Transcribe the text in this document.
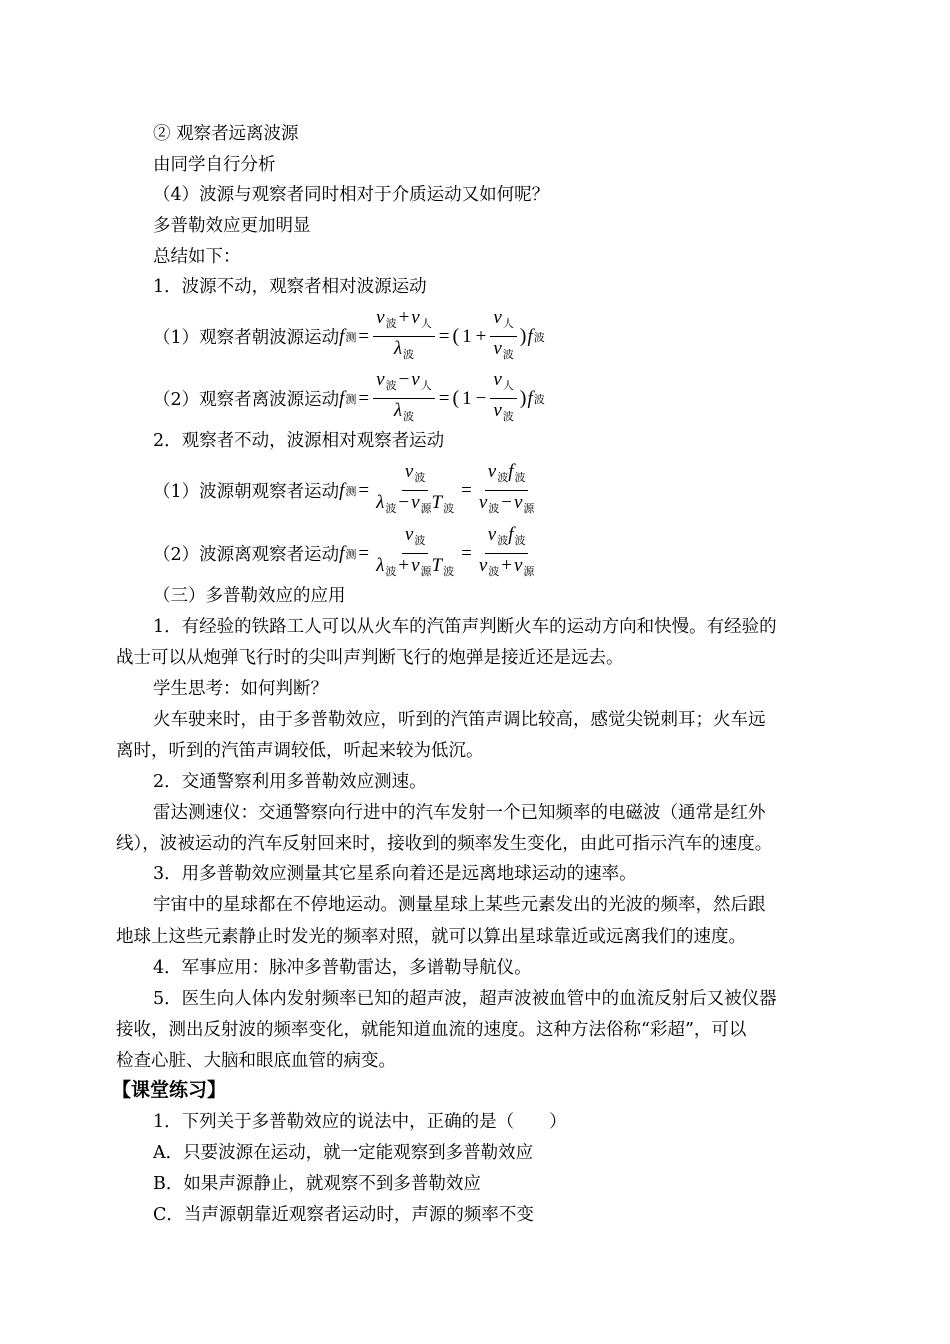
② 观察者远离波源
由同学自行分析
（4）波源与观察者同时相对于介质运动又如何呢？
多普勒效应更加明显
总结如下：
1．波源不动，观察者相对波源运动
（1）观察者朝波源运动 f 测 = $\frac{v_波 + v_人}{\lambda_波}$ = ( $1 + \frac{v_人}{v_波}$ ) f 波
（2）观察者离波源运动 f 测 = $\frac{v_波 - v_人}{\lambda_波}$ = ( $1 - \frac{v_人}{v_波}$ ) f 波
2．观察者不动，波源相对观察者运动
（1）波源朝观察者运动 f 测 = $\frac{v_波}{\lambda_波 - v_源T_波} = \frac{v_波f_波}{v_波 - v_源}$
（2）波源离观察者运动 f 测 = $\frac{v_波}{\lambda_波 + v_源T_波} = \frac{v_波f_波}{v_波 + v_源}$
（三）多普勒效应的应用
1．有经验的铁路工人可以从火车的汽笛声判断火车的运动方向和快慢。有经验的
战士可以从炮弹飞行时的尖叫声判断飞行的炮弹是接近还是远去。
学生思考：如何判断？
火车驶来时，由于多普勒效应，听到的汽笛声调比较高，感觉尖锐刺耳；火车远
离时，听到的汽笛声调较低，听起来较为低沉。
2．交通警察利用多普勒效应测速。
雷达测速仪：交通警察向行进中的汽车发射一个已知频率的电磁波（通常是红外
线），波被运动的汽车反射回来时，接收到的频率发生变化，由此可指示汽车的速度。
3．用多普勒效应测量其它星系向着还是远离地球运动的速率。
宇宙中的星球都在不停地运动。测量星球上某些元素发出的光波的频率，然后跟
地球上这些元素静止时发光的频率对照，就可以算出星球靠近或远离我们的速度。
4．军事应用：脉冲多普勒雷达，多谱勒导航仪。
5．医生向人体内发射频率已知的超声波，超声波被血管中的血流反射后又被仪器
接收，测出反射波的频率变化，就能知道血流的速度。这种方法俗称“彩超”，可以
检查心脏、大脑和眼底血管的病变。
【课堂练习】
1．下列关于多普勒效应的说法中，正确的是（　　）
A．只要波源在运动，就一定能观察到多普勒效应
B．如果声源静止，就观察不到多普勒效应
C．当声源朝靠近观察者运动时，声源的频率不变
